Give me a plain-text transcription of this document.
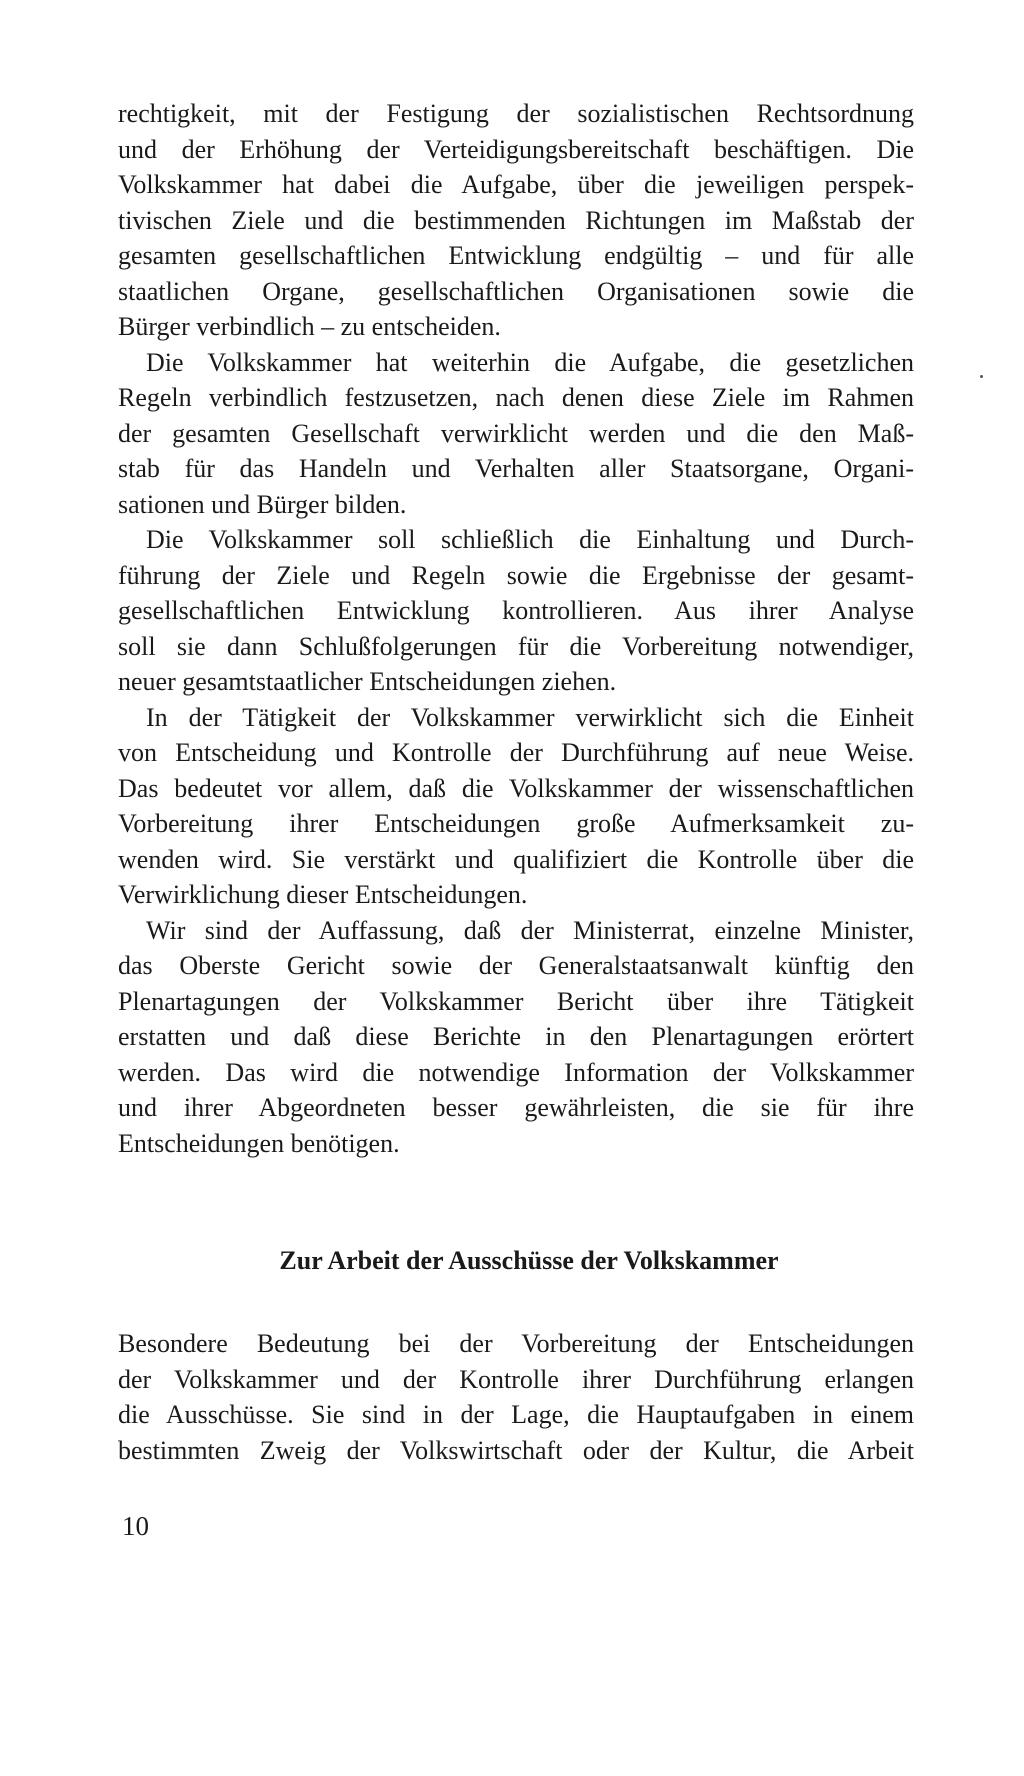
rechtigkeit, mit der Festigung der sozialistischen Rechtsordnung
und der Erhöhung der Verteidigungsbereitschaft beschäftigen. Die
Volkskammer hat dabei die Aufgabe, über die jeweiligen perspek-
tivischen Ziele und die bestimmenden Richtungen im Maßstab der
gesamten gesellschaftlichen Entwicklung endgültig – und für alle
staatlichen Organe, gesellschaftlichen Organisationen sowie die
Bürger verbindlich – zu entscheiden.
Die Volkskammer hat weiterhin die Aufgabe, die gesetzlichen
Regeln verbindlich festzusetzen, nach denen diese Ziele im Rahmen
der gesamten Gesellschaft verwirklicht werden und die den Maß-
stab für das Handeln und Verhalten aller Staatsorgane, Organi-
sationen und Bürger bilden.
Die Volkskammer soll schließlich die Einhaltung und Durch-
führung der Ziele und Regeln sowie die Ergebnisse der gesamt-
gesellschaftlichen Entwicklung kontrollieren. Aus ihrer Analyse
soll sie dann Schlußfolgerungen für die Vorbereitung notwendiger,
neuer gesamtstaatlicher Entscheidungen ziehen.
In der Tätigkeit der Volkskammer verwirklicht sich die Einheit
von Entscheidung und Kontrolle der Durchführung auf neue Weise.
Das bedeutet vor allem, daß die Volkskammer der wissenschaftlichen
Vorbereitung ihrer Entscheidungen große Aufmerksamkeit zu-
wenden wird. Sie verstärkt und qualifiziert die Kontrolle über die
Verwirklichung dieser Entscheidungen.
Wir sind der Auffassung, daß der Ministerrat, einzelne Minister,
das Oberste Gericht sowie der Generalstaatsanwalt künftig den
Plenartagungen der Volkskammer Bericht über ihre Tätigkeit
erstatten und daß diese Berichte in den Plenartagungen erörtert
werden. Das wird die notwendige Information der Volkskammer
und ihrer Abgeordneten besser gewährleisten, die sie für ihre
Entscheidungen benötigen.
Zur Arbeit der Ausschüsse der Volkskammer
Besondere Bedeutung bei der Vorbereitung der Entscheidungen
der Volkskammer und der Kontrolle ihrer Durchführung erlangen
die Ausschüsse. Sie sind in der Lage, die Hauptaufgaben in einem
bestimmten Zweig der Volkswirtschaft oder der Kultur, die Arbeit
10
